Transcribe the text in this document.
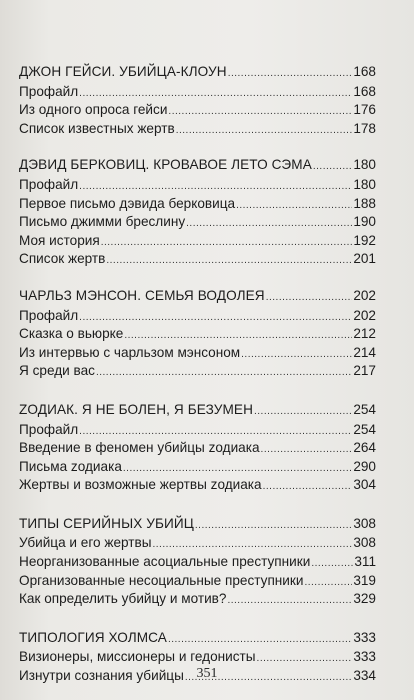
ДЖОН ГЕЙСИ. УБИЙЦА-КЛОУН .....	168
Профайл .....	168
Из одного опроса гейси .....	176
Список известных жертв .....	178
ДЭВИД БЕРКОВИЦ. КРОВАВОЕ ЛЕТО СЭМА .....	180
Профайл .....	180
Первое письмо дэвида берковица .....	188
Письмо джимми бреслину .....	190
Моя история .....	192
Список жертв .....	201
ЧАРЛЬЗ МЭНСОН. СЕМЬЯ ВОДОЛЕЯ .....	202
Профайл .....	202
Сказка о вьюрке .....	212
Из интервью с чарльзом мэнсоном .....	214
Я среди вас .....	217
ZОДИАК. Я НЕ БОЛЕН, Я БЕЗУМЕН .....	254
Профайл .....	254
Введение в феномен убийцы zодиака .....	264
Письма zодиака .....	290
Жертвы и возможные жертвы zодиака .....	304
ТИПЫ СЕРИЙНЫХ УБИЙЦ .....	308
Убийца и его жертвы .....	308
Неорганизованные асоциальные преступники .....	311
Организованные несоциальные преступники .....	319
Как определить убийцу и мотив? .....	329
ТИПОЛОГИЯ ХОЛМСА .....	333
Визионеры, миссионеры и гедонисты .....	333
Изнутри сознания убийцы .....	334
351
